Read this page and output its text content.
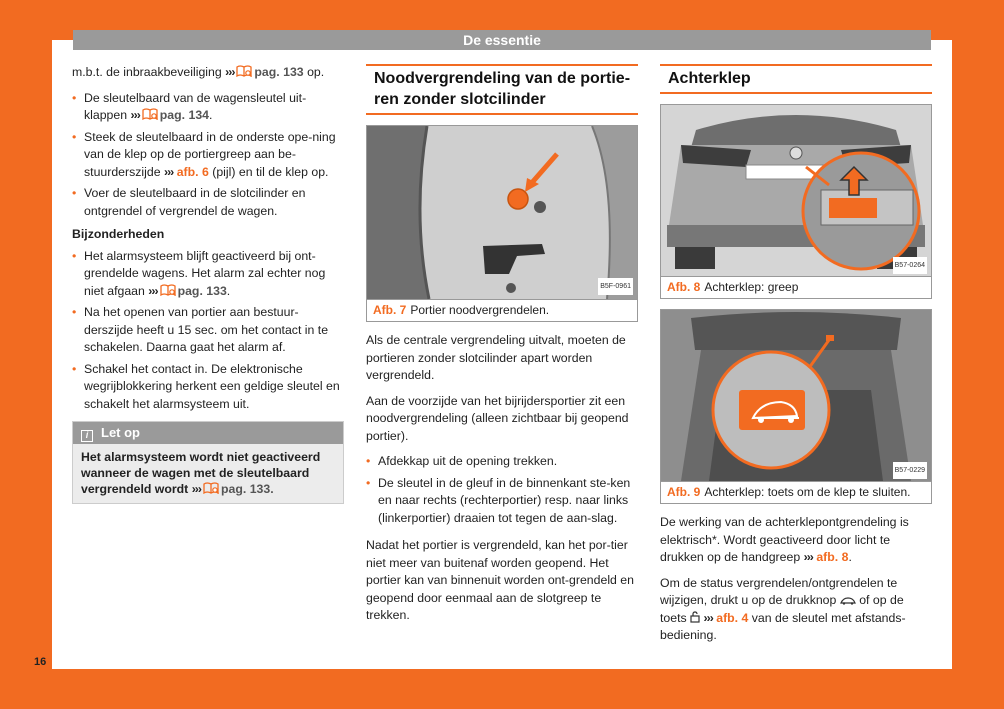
De essentie
16

m.b.t. de inbraakbeveiliging ››› pag. 133 op.

• De sleutelbaard van de wagensleutel uit-klappen ››› pag. 134.
• Steek de sleutelbaard in de onderste ope-ning van de klep op de portiergreep aan be-stuurderszijde ››› afb. 6 (pijl) en til de klep op.
• Voer de sleutelbaard in de slotcilinder en ontgrendel of vergrendel de wagen.
Bijzonderheden
• Het alarmsysteem blijft geactiveerd bij ont-grendelde wagens. Het alarm zal echter nog niet afgaan ››› pag. 133.
• Na het openen van portier aan bestuur-derszijde heeft u 15 sec. om het contact in te schakelen. Daarna gaat het alarm af.
• Schakel het contact in. De elektronische wegrijblokkering herkent een geldige sleutel en schakelt het alarmsysteem uit.
i Let op
Het alarmsysteem wordt niet geactiveerd wanneer de wagen met de sleutelbaard vergrendeld wordt ››› pag. 133.
Noodvergrendeling van de portie-ren zonder slotcilinder
B5F-0961
Afb. 7 Portier noodvergrendelen.

Als de centrale vergrendeling uitvalt, moeten de portieren zonder slotcilinder apart worden vergrendeld.

Aan de voorzijde van het bijrijdersportier zit een noodvergrendeling (alleen zichtbaar bij geopend portier).

• Afdekkap uit de opening trekken.
• De sleutel in de gleuf in de binnenkant ste-ken en naar rechts (rechterportier) resp. naar links (linkerportier) draaien tot tegen de aan-slag.

Nadat het portier is vergrendeld, kan het por-tier niet meer van buitenaf worden geopend. Het portier kan van binnenuit worden ont-grendeld en geopend door eenmaal aan de slotgreep te trekken.

Achterklep
B57-0264
Afb. 8 Achterklep: greep
B57-0229
Afb. 9 Achterklep: toets om de klep te sluiten.

De werking van de achterklepontgrendeling is elektrisch*. Wordt geactiveerd door licht te drukken op de handgreep ››› afb. 8.

Om de status vergrendelen/ontgrendelen te wijzigen, drukt u op de drukknop of op de toets ››› afb. 4 van de sleutel met afstands-bediening.
